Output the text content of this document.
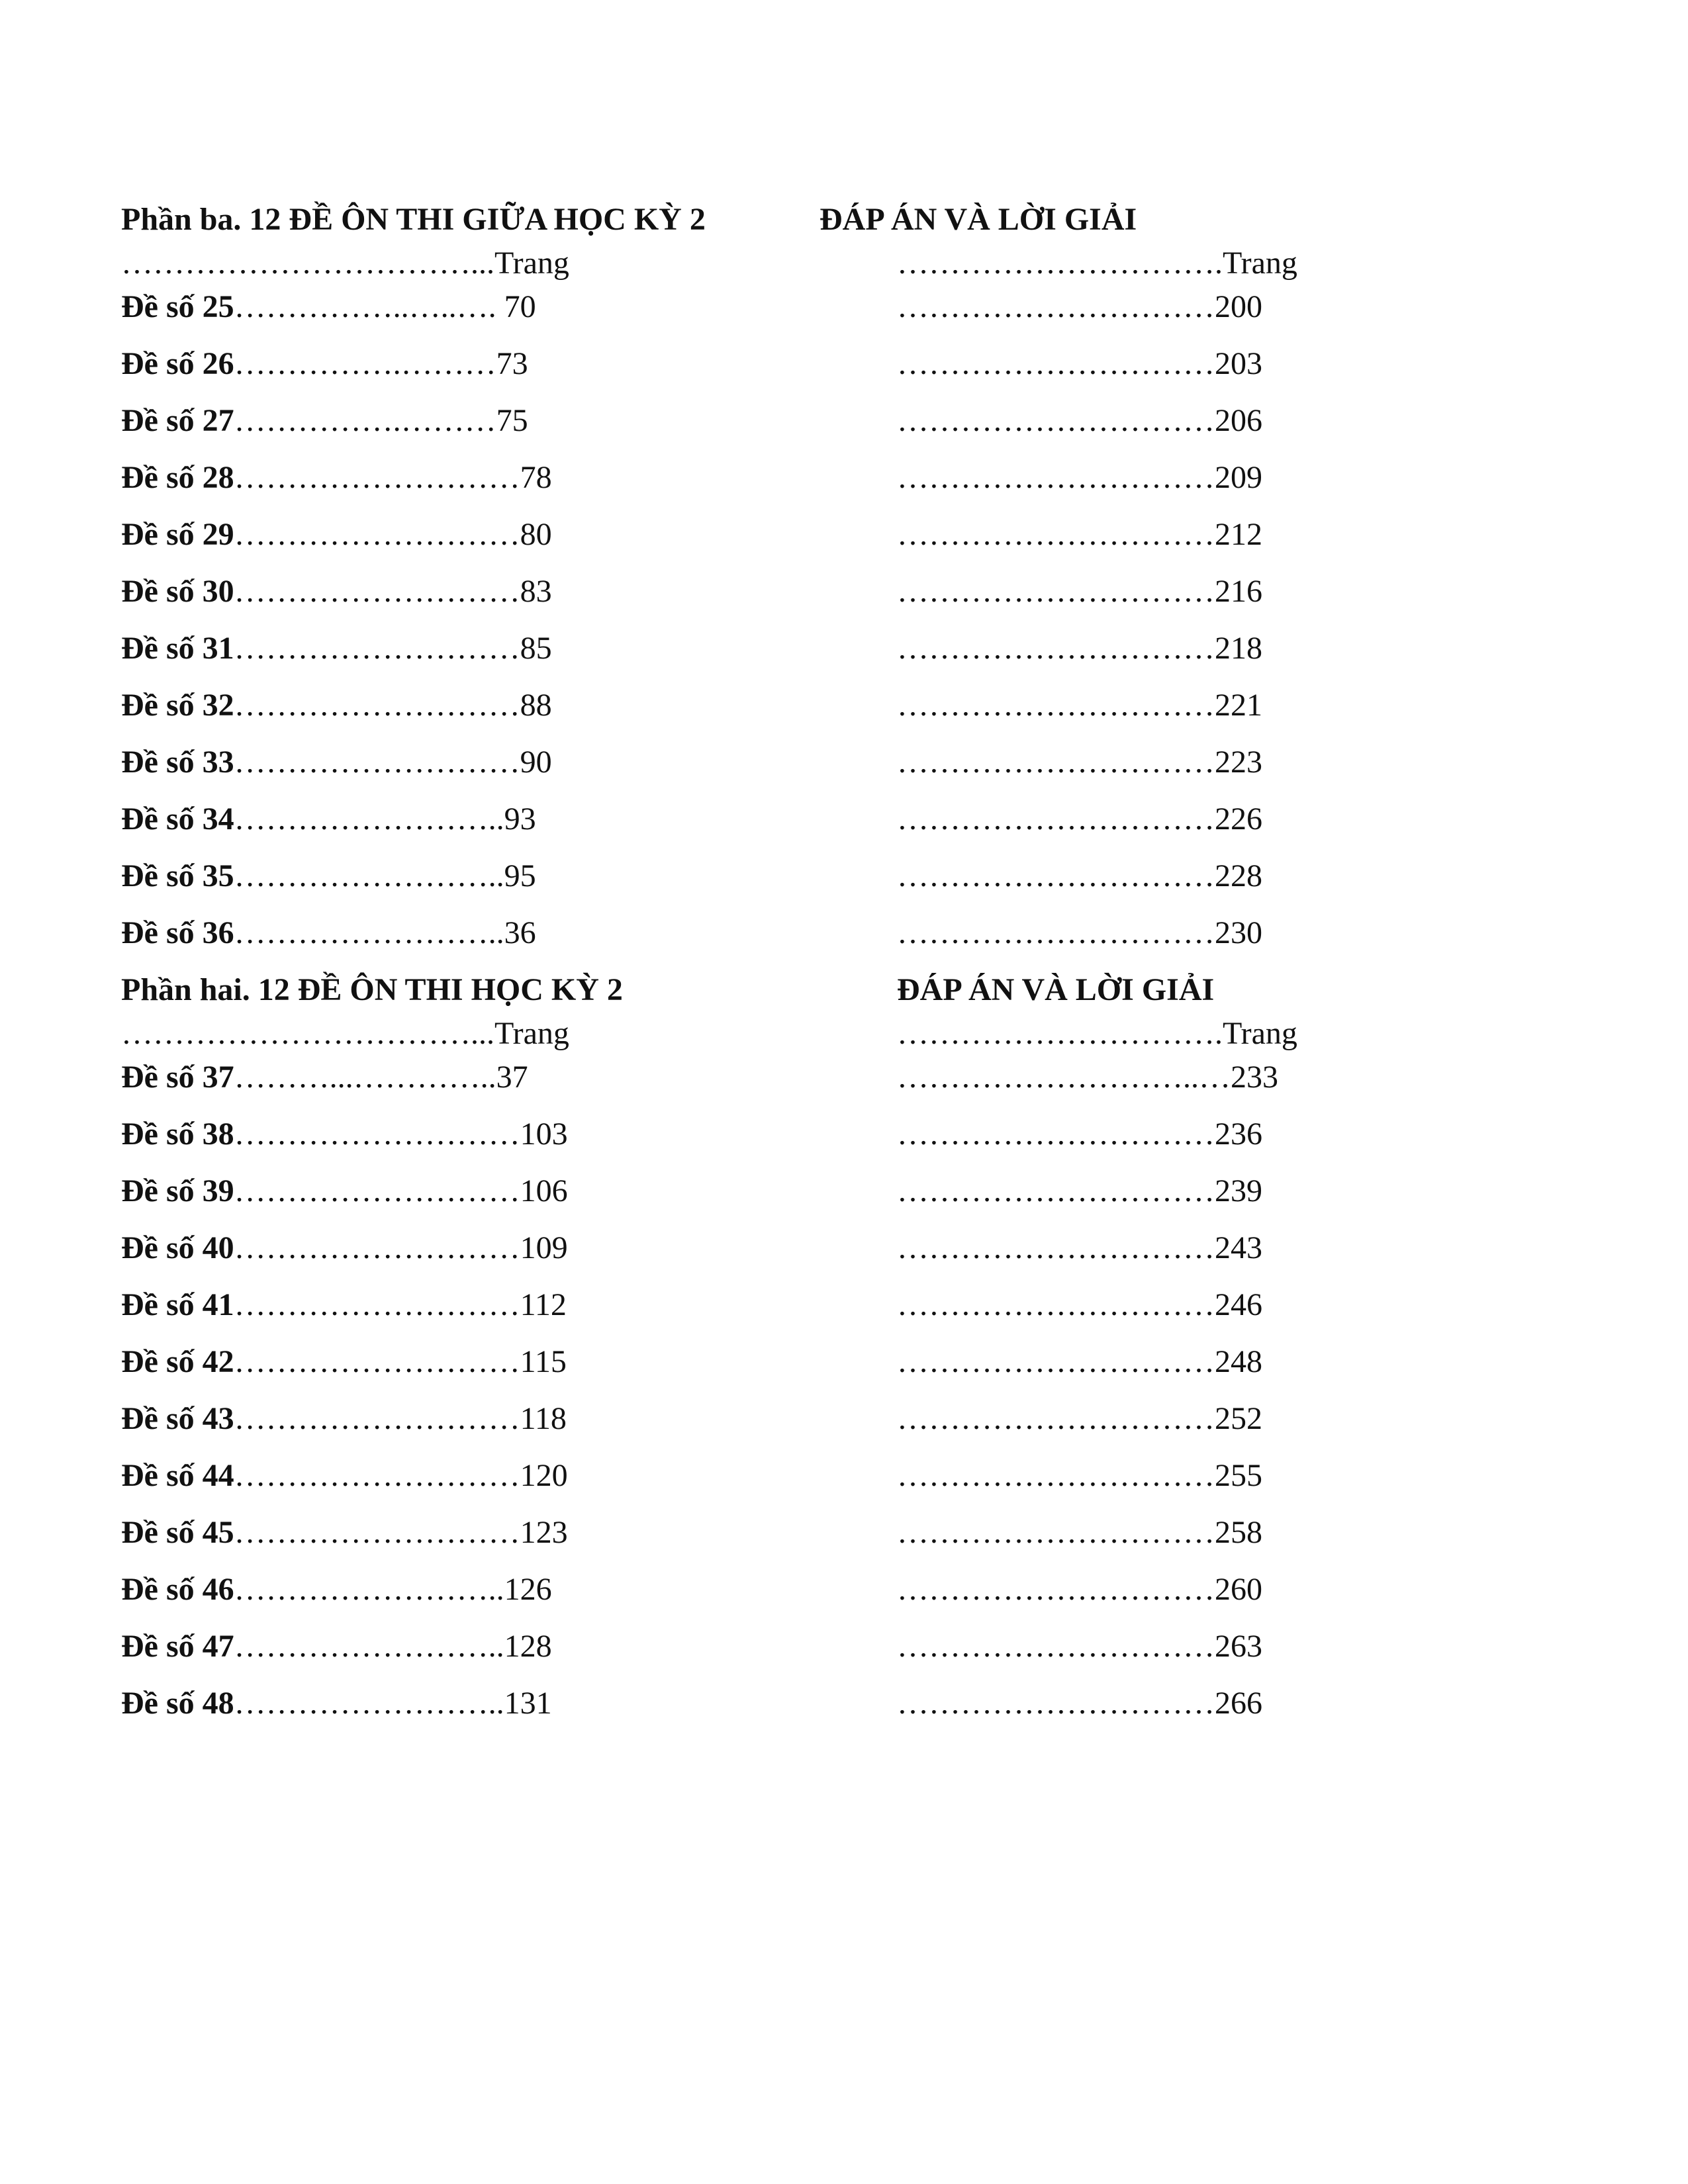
Phần ba. 12 ĐỀ ÔN THI GIỮA HỌC KỲ 2	ĐÁP ÁN VÀ LỜI GIẢI
……………………………...Trang	………………………….Trang
Đề số 25……………..…..…. 70	…………………………200
Đề số 26…………….………73	…………………………203
Đề số 27…………….………75	…………………………206
Đề số 28………………………78	…………………………209
Đề số 29………………………80	…………………………212
Đề số 30………………………83	…………………………216
Đề số 31………………………85	…………………………218
Đề số 32………………………88	…………………………221
Đề số 33………………………90	…………………………223
Đề số 34……………………..93	…………………………226
Đề số 35……………………..95	…………………………228
Đề số 36……………………..36	…………………………230
Phần hai. 12 ĐỀ ÔN THI HỌC KỲ 2	ĐÁP ÁN VÀ LỜI GIẢI
……………………………...Trang	………………………….Trang
Đề số 37………...…………..37	………………………..…233
Đề số 38………………………103	…………………………236
Đề số 39………………………106	…………………………239
Đề số 40………………………109	…………………………243
Đề số 41………………………112	…………………………246
Đề số 42………………………115	…………………………248
Đề số 43………………………118	…………………………252
Đề số 44………………………120	…………………………255
Đề số 45………………………123	…………………………258
Đề số 46……………………..126	…………………………260
Đề số 47……………………..128	…………………………263
Đề số 48……………………..131	…………………………266
